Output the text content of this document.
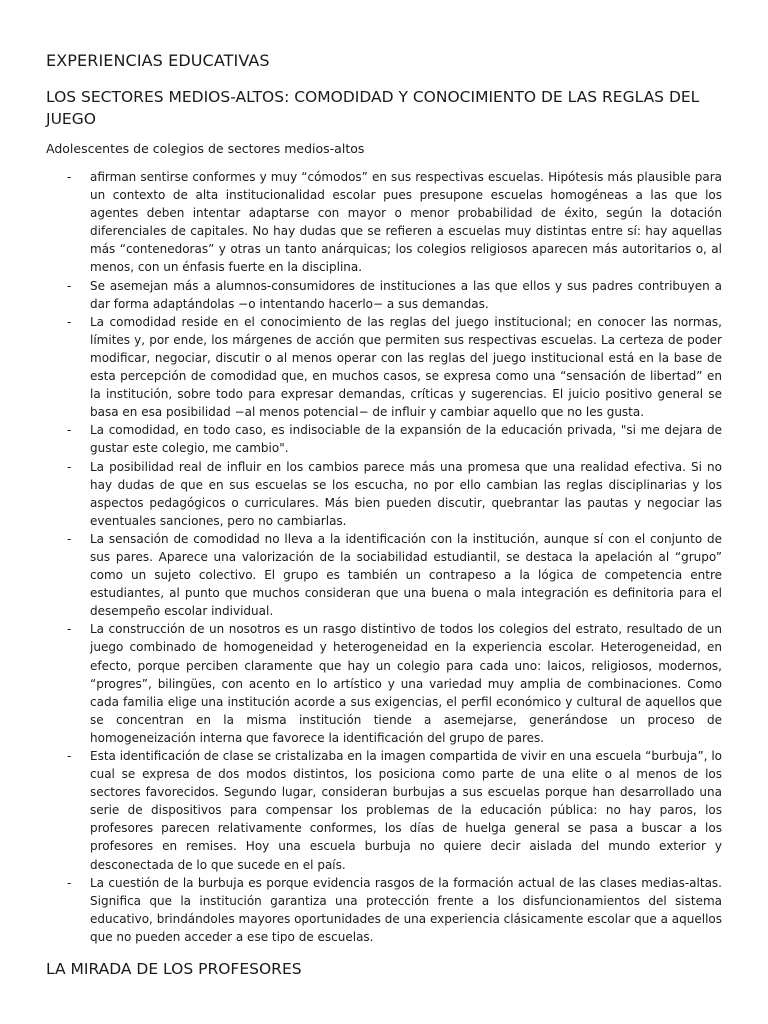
EXPERIENCIAS EDUCATIVAS
LOS SECTORES MEDIOS-ALTOS: COMODIDAD Y CONOCIMIENTO DE LAS REGLAS DEL JUEGO
Adolescentes de colegios de sectores medios-altos
- afirman sentirse conformes y muy “cómodos” en sus respectivas escuelas. Hipótesis más plausible para un contexto de alta institucionalidad escolar pues presupone escuelas homogéneas a las que los agentes deben intentar adaptarse con mayor o menor probabilidad de éxito, según la dotación diferenciales de capitales. No hay dudas que se refieren a escuelas muy distintas entre sí: hay aquellas más “contenedoras” y otras un tanto anárquicas; los colegios religiosos aparecen más autoritarios o, al menos, con un énfasis fuerte en la disciplina.
- Se asemejan más a alumnos-consumidores de instituciones a las que ellos y sus padres contribuyen a dar forma adaptándolas −o intentando hacerlo− a sus demandas.
- La comodidad reside en el conocimiento de las reglas del juego institucional; en conocer las normas, límites y, por ende, los márgenes de acción que permiten sus respectivas escuelas. La certeza de poder modificar, negociar, discutir o al menos operar con las reglas del juego institucional está en la base de esta percepción de comodidad que, en muchos casos, se expresa como una “sensación de libertad” en la institución, sobre todo para expresar demandas, críticas y sugerencias. El juicio positivo general se basa en esa posibilidad −al menos potencial− de influir y cambiar aquello que no les gusta.
- La comodidad, en todo caso, es indisociable de la expansión de la educación privada, "si me dejara de gustar este colegio, me cambio".
- La posibilidad real de influir en los cambios parece más una promesa que una realidad efectiva. Si no hay dudas de que en sus escuelas se los escucha, no por ello cambian las reglas disciplinarias y los aspectos pedagógicos o curriculares. Más bien pueden discutir, quebrantar las pautas y negociar las eventuales sanciones, pero no cambiarlas.
- La sensación de comodidad no lleva a la identificación con la institución, aunque sí con el conjunto de sus pares. Aparece una valorización de la sociabilidad estudiantil, se destaca la apelación al “grupo” como un sujeto colectivo. El grupo es también un contrapeso a la lógica de competencia entre estudiantes, al punto que muchos consideran que una buena o mala integración es definitoria para el desempeño escolar individual.
- La construcción de un nosotros es un rasgo distintivo de todos los colegios del estrato, resultado de un juego combinado de homogeneidad y heterogeneidad en la experiencia escolar. Heterogeneidad, en efecto, porque perciben claramente que hay un colegio para cada uno: laicos, religiosos, modernos, “progres”, bilingües, con acento en lo artístico y una variedad muy amplia de combinaciones. Como cada familia elige una institución acorde a sus exigencias, el perfil económico y cultural de aquellos que se concentran en la misma institución tiende a asemejarse, generándose un proceso de homogeneización interna que favorece la identificación del grupo de pares.
- Esta identificación de clase se cristalizaba en la imagen compartida de vivir en una escuela “burbuja”, lo cual se expresa de dos modos distintos, los posiciona como parte de una elite o al menos de los sectores favorecidos. Segundo lugar, consideran burbujas a sus escuelas porque han desarrollado una serie de dispositivos para compensar los problemas de la educación pública: no hay paros, los profesores parecen relativamente conformes, los días de huelga general se pasa a buscar a los profesores en remises. Hoy una escuela burbuja no quiere decir aislada del mundo exterior y desconectada de lo que sucede en el país.
- La cuestión de la burbuja es porque evidencia rasgos de la formación actual de las clases medias-altas. Significa que la institución garantiza una protección frente a los disfuncionamientos del sistema educativo, brindándoles mayores oportunidades de una experiencia clásicamente escolar que a aquellos que no pueden acceder a ese tipo de escuelas.
LA MIRADA DE LOS PROFESORES
